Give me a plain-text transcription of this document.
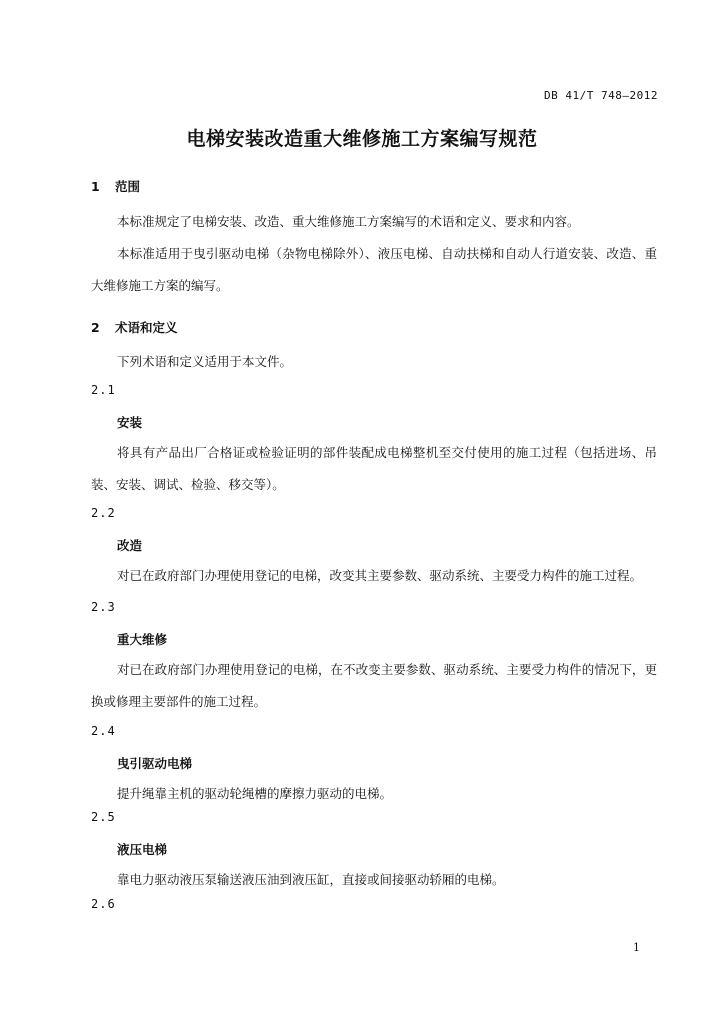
DB 41/T 748—2012
电梯安装改造重大维修施工方案编写规范
1 范围
本标准规定了电梯安装、改造、重大维修施工方案编写的术语和定义、要求和内容。
本标准适用于曳引驱动电梯（杂物电梯除外）、液压电梯、自动扶梯和自动人行道安装、改造、重大维修施工方案的编写。
2 术语和定义
下列术语和定义适用于本文件。
2.1
安装
将具有产品出厂合格证或检验证明的部件装配成电梯整机至交付使用的施工过程（包括进场、吊装、安装、调试、检验、移交等）。
2.2
改造
对已在政府部门办理使用登记的电梯，改变其主要参数、驱动系统、主要受力构件的施工过程。
2.3
重大维修
对已在政府部门办理使用登记的电梯，在不改变主要参数、驱动系统、主要受力构件的情况下，更换或修理主要部件的施工过程。
2.4
曳引驱动电梯
提升绳靠主机的驱动轮绳槽的摩擦力驱动的电梯。
2.5
液压电梯
靠电力驱动液压泵输送液压油到液压缸，直接或间接驱动轿厢的电梯。
2.6
1
